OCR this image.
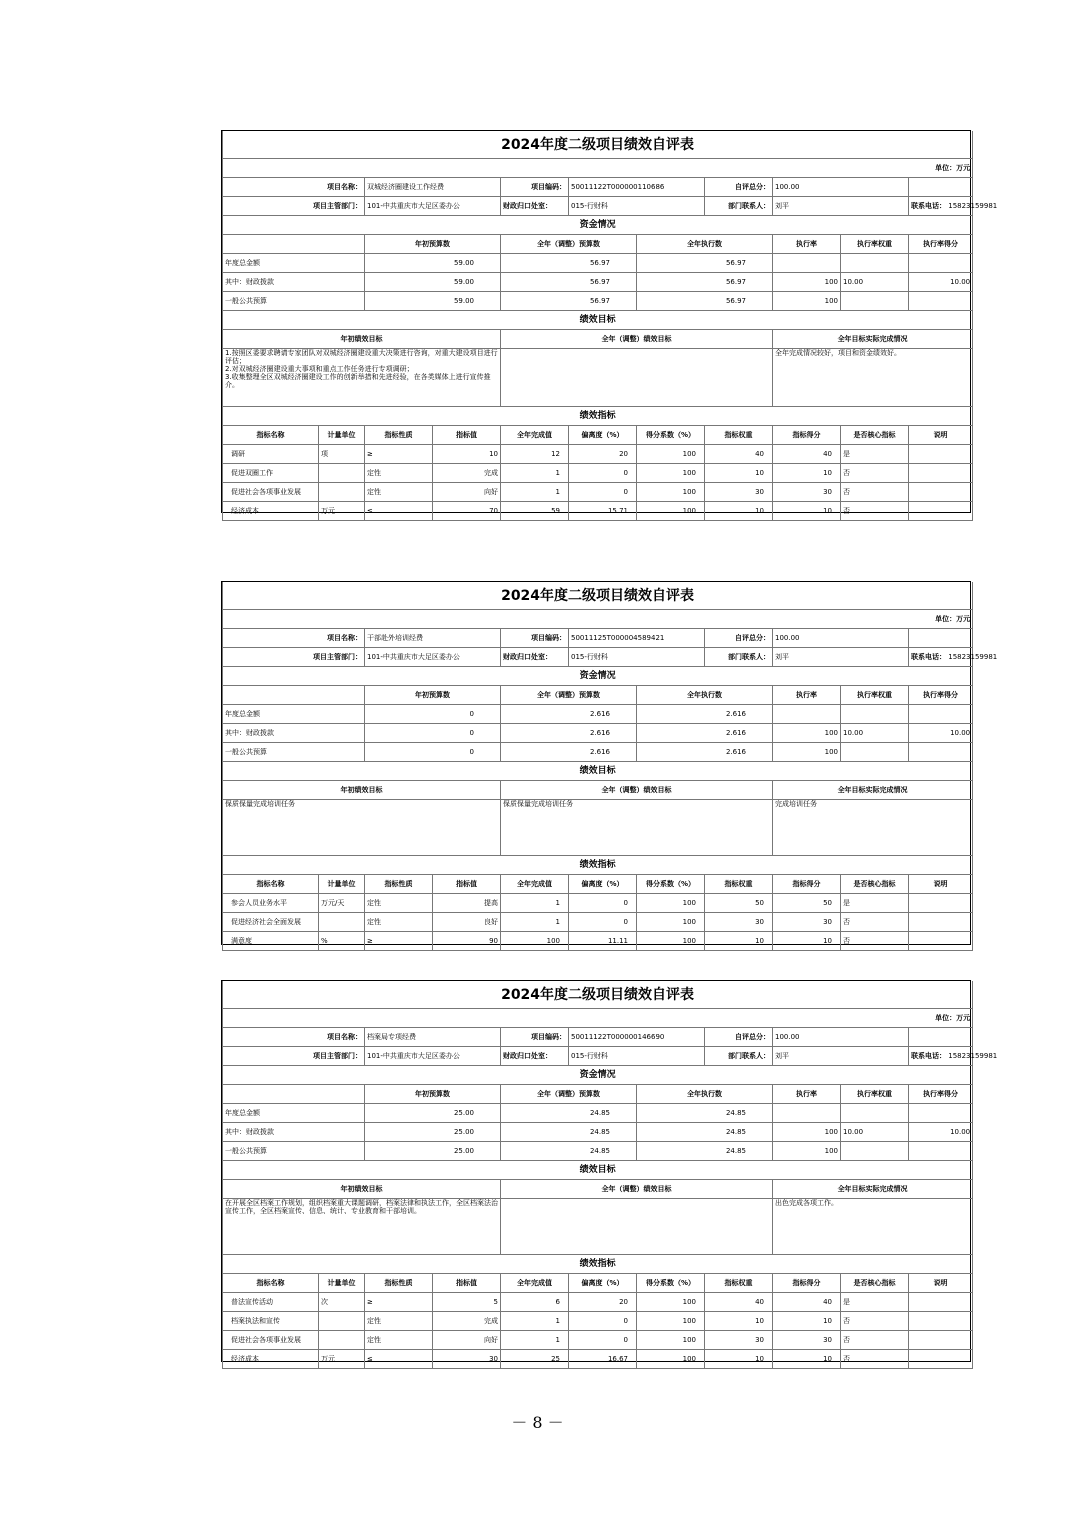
2024年度二级项目绩效自评表										
单位：万元										
项目名称：		双城经济圈建设工作经费		项目编码：	50011122T000000110686		自评总分：	100.00		
项目主管部门：		101-中共重庆市大足区委办公		财政归口处室：	015-行财科		部门联系人：	刘平		联系电话： 15823159981
资金情况										
		年初预算数		全年（调整）预算数		全年执行数		执行率	执行率权重	执行率得分
年度总金额		59.00		56.97		56.97				
其中：财政拨款		59.00		56.97		56.97		100	10.00	10.00
一般公共预算		59.00		56.97		56.97		100		
绩效目标										
年初绩效目标				全年（调整）绩效目标				全年目标实际完成情况		
1.按照区委要求聘请专家团队对双城经济圈建设重大决策进行咨询，对重大建设项目进行评估；
2.对双城经济圈建设重大事项和重点工作任务进行专项调研；
3.收集整理全区双城经济圈建设工作的创新举措和先进经验，在各类媒体上进行宣传推介。								全年完成情况较好，项目和资金绩效好。		
绩效指标										
指标名称	计量单位	指标性质	指标值	全年完成值	偏离度（%）	得分系数（%）	指标权重	指标得分	是否核心指标	说明
调研	项	≥	10	12	20	100	40	40	是	
促进双圈工作		定性	完成	1	0	100	10	10	否	
促进社会各项事业发展		定性	向好	1	0	100	30	30	否	
经济成本	万元	≤	70	59	15.71	100	10	10	否	
2024年度二级项目绩效自评表										
单位：万元										
项目名称：		干部赴外培训经费		项目编码：	50011125T000004589421		自评总分：	100.00		
项目主管部门：		101-中共重庆市大足区委办公		财政归口处室：	015-行财科		部门联系人：	刘平		联系电话： 15823159981
资金情况										
		年初预算数		全年（调整）预算数		全年执行数		执行率	执行率权重	执行率得分
年度总金额		0		2.616		2.616				
其中：财政拨款		0		2.616		2.616		100	10.00	10.00
一般公共预算		0		2.616		2.616		100		
绩效目标										
年初绩效目标				全年（调整）绩效目标				全年目标实际完成情况		
保质保量完成培训任务				保质保量完成培训任务				完成培训任务		
绩效指标										
指标名称	计量单位	指标性质	指标值	全年完成值	偏离度（%）	得分系数（%）	指标权重	指标得分	是否核心指标	说明
参会人员业务水平	万元/天	定性	提高	1	0	100	50	50	是	
促进经济社会全面发展		定性	良好	1	0	100	30	30	否	
满意度	%	≥	90	100	11.11	100	10	10	否	
2024年度二级项目绩效自评表										
单位：万元										
项目名称：		档案局专项经费		项目编码：	50011122T000000146690		自评总分：	100.00		
项目主管部门：		101-中共重庆市大足区委办公		财政归口处室：	015-行财科		部门联系人：	刘平		联系电话： 15823159981
资金情况										
		年初预算数		全年（调整）预算数		全年执行数		执行率	执行率权重	执行率得分
年度总金额		25.00		24.85		24.85				
其中：财政拨款		25.00		24.85		24.85		100	10.00	10.00
一般公共预算		25.00		24.85		24.85		100		
绩效目标										
年初绩效目标				全年（调整）绩效目标				全年目标实际完成情况		
在开展全区档案工作规划，组织档案重大课题调研，档案法律和执法工作，全区档案法治宣传工作，全区档案宣传、信息、统计、专业教育和干部培训。								出色完成各项工作。		
绩效指标										
指标名称	计量单位	指标性质	指标值	全年完成值	偏离度（%）	得分系数（%）	指标权重	指标得分	是否核心指标	说明
普法宣传活动	次	≥	5	6	20	100	40	40	是	
档案执法和宣传		定性	完成	1	0	100	10	10	否	
促进社会各项事业发展		定性	向好	1	0	100	30	30	否	
经济成本	万元	≤	30	25	16.67	100	10	10	否	
－ 8 －
